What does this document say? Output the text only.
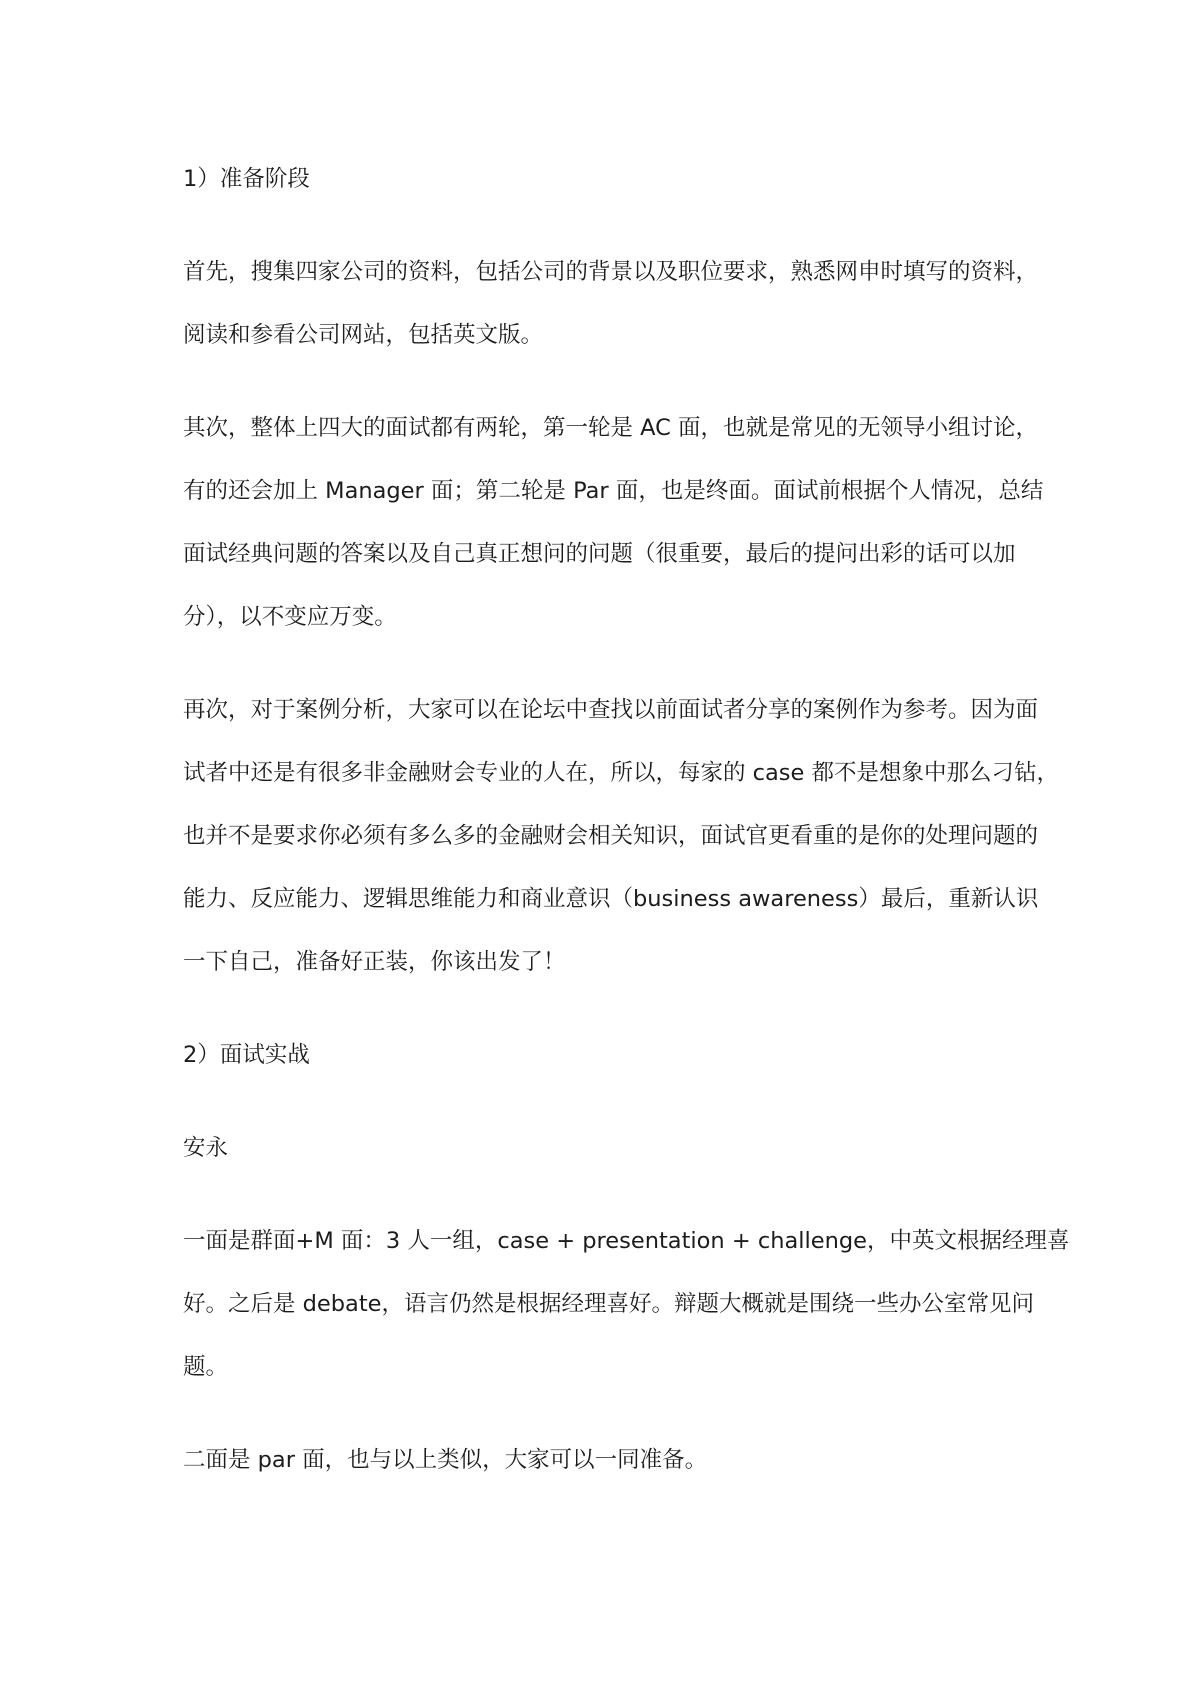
1）准备阶段
首先，搜集四家公司的资料，包括公司的背景以及职位要求，熟悉网申时填写的资料，
阅读和参看公司网站，包括英文版。
其次，整体上四大的面试都有两轮，第一轮是 AC 面，也就是常见的无领导小组讨论，
有的还会加上 Manager 面；第二轮是 Par 面，也是终面。面试前根据个人情况，总结
面试经典问题的答案以及自己真正想问的问题（很重要，最后的提问出彩的话可以加
分），以不变应万变。
再次，对于案例分析，大家可以在论坛中查找以前面试者分享的案例作为参考。因为面
试者中还是有很多非金融财会专业的人在，所以，每家的 case 都不是想象中那么刁钻，
也并不是要求你必须有多么多的金融财会相关知识，面试官更看重的是你的处理问题的
能力、反应能力、逻辑思维能力和商业意识（business awareness）最后，重新认识
一下自己，准备好正装，你该出发了！
2）面试实战
安永
一面是群面+M 面：3 人一组，case + presentation + challenge，中英文根据经理喜
好。之后是 debate，语言仍然是根据经理喜好。辩题大概就是围绕一些办公室常见问
题。
二面是 par 面，也与以上类似，大家可以一同准备。
